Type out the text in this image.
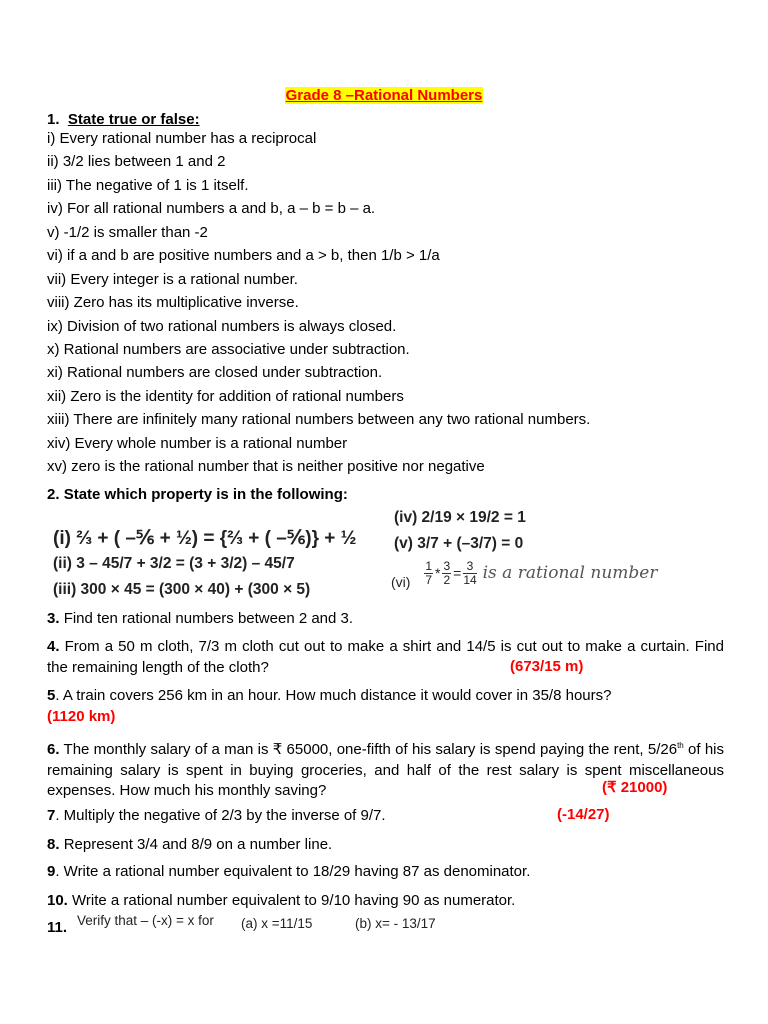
Grade 8 –Rational Numbers
1. State true or false:
i) Every rational number has a reciprocal
ii) 3/2 lies between 1 and 2
iii) The negative of 1 is 1 itself.
iv) For all rational numbers a and b, a – b = b – a.
v) -1/2 is smaller than -2
vi) if a and b are positive numbers and a > b, then 1/b > 1/a
vii) Every integer is a rational number.
viii) Zero has its multiplicative inverse.
ix) Division of two rational numbers is always closed.
x) Rational numbers are associative under subtraction.
xi) Rational numbers are closed under subtraction.
xii) Zero is the identity for addition of rational numbers
xiii) There are infinitely many rational numbers between any two rational numbers.
xiv) Every whole number is a rational number
xv) zero is the rational number that is neither positive nor negative
2. State which property is in the following:
(i) ⅔ + ( –⅚ + ½) = {⅔ + ( –⅚)} + ½
(ii) 3 – 45/7 + 3/2 = (3 + 3/2) – 45/7
(iii) 300 × 45 = (300 × 40) + (300 × 5)
(iv) 2/19 × 19/2 = 1
(v) 3/7 + (–3/7) = 0
$(vi) \frac{1}{7} * \frac{3}{2} = \frac{3}{14}$ is a rational number
3. Find ten rational numbers between 2 and 3.
4. From a 50 m cloth, 7/3 m cloth cut out to make a shirt and 14/5 is cut out to make a curtain. Find the remaining length of the cloth?	(673/15 m)
5. A train covers 256 km in an hour. How much distance it would cover in 35/8 hours?
(1120 km)
6. The monthly salary of a man is ₹ 65000, one-fifth of his salary is spend paying the rent, 5/26th of his remaining salary is spent in buying groceries, and half of the rest salary is spent miscellaneous expenses. How much his monthly saving?	(₹ 21000)
7. Multiply the negative of 2/3 by the inverse of 9/7.	(-14/27)
8. Represent 3/4 and 8/9 on a number line.
9. Write a rational number equivalent to 18/29 having 87 as denominator.
10. Write a rational number equivalent to 9/10 having 90 as numerator.
11. Verify that – (-x) = x for (a) x =11/15	(b) x= - 13/17
